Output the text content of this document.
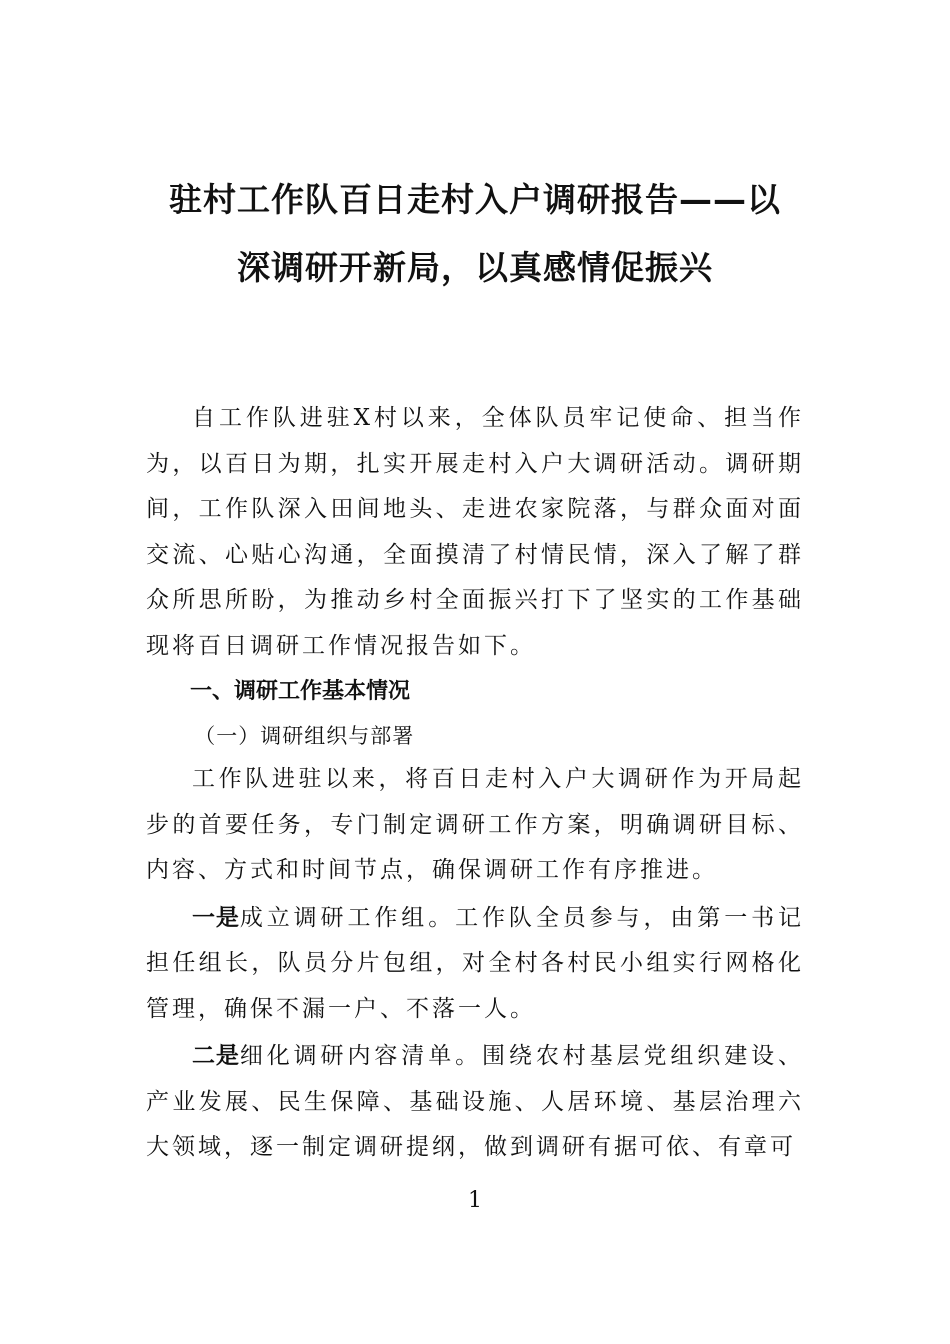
驻村工作队百日走村入户调研报告——以
深调研开新局，以真感情促振兴

自工作队进驻X村以来，全体队员牢记使命、担当作为，以百日为期，扎实开展走村入户大调研活动。调研期间，工作队深入田间地头、走进农家院落，与群众面对面交流、心贴心沟通，全面摸清了村情民情，深入了解了群众所思所盼，为推动乡村全面振兴打下了坚实的工作基础现将百日调研工作情况报告如下。

一、调研工作基本情况

（一）调研组织与部署

工作队进驻以来，将百日走村入户大调研作为开局起步的首要任务，专门制定调研工作方案，明确调研目标、内容、方式和时间节点，确保调研工作有序推进。

一是成立调研工作组。工作队全员参与，由第一书记担任组长，队员分片包组，对全村各村民小组实行网格化管理，确保不漏一户、不落一人。

二是细化调研内容清单。围绕农村基层党组织建设、产业发展、民生保障、基础设施、人居环境、基层治理六大领域，逐一制定调研提纲，做到调研有据可依、有章可

1
